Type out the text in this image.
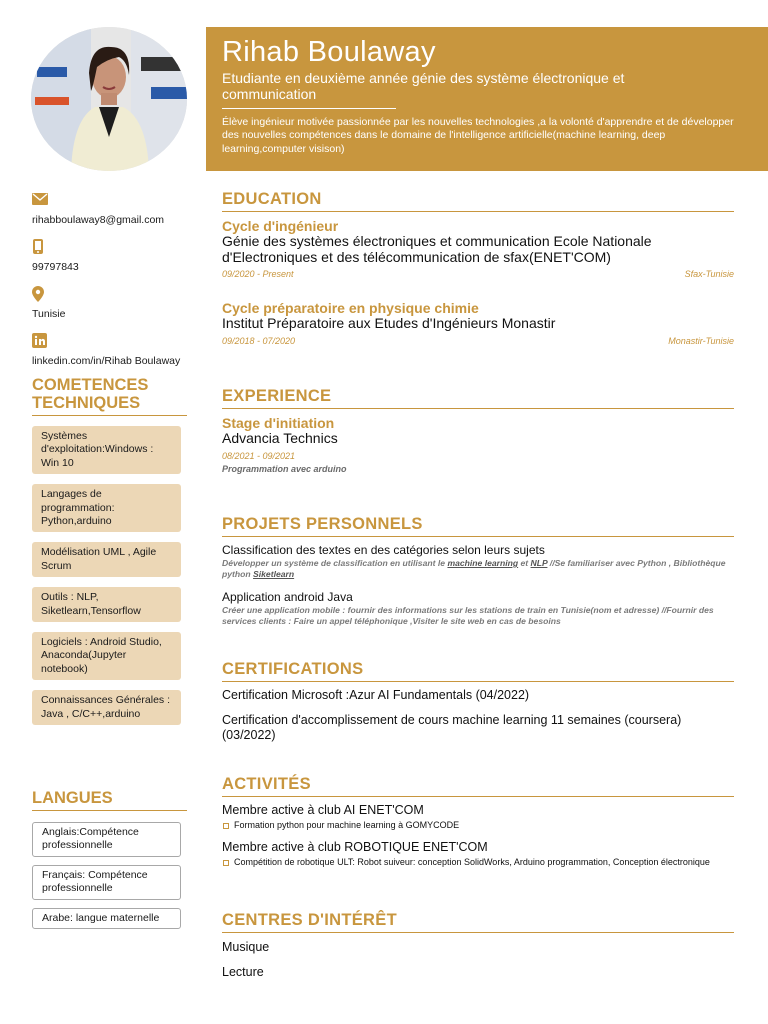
rihabboulaway8@gmail.com
99797843
Tunisie
linkedin.com/in/Rihab Boulaway
COMETENCES TECHNIQUES
Systèmes d'exploitation:Windows : Win 10
Langages de programmation: Python,arduino
Modélisation UML , Agile Scrum
Outils : NLP, Siketlearn,Tensorflow
Logiciels : Android Studio, Anaconda(Jupyter notebook)
Connaissances Générales : Java , C/C++,arduino
LANGUES
Anglais:Compétence professionnelle
Français: Compétence professionnelle
Arabe: langue maternelle
Rihab Boulaway
Etudiante en deuxième année génie des système électronique et communication
Élève ingénieur motivée passionnée par les nouvelles technologies ,a la volonté d'apprendre et de développer des nouvelles compétences dans le domaine de l'intelligence artificielle(machine learning, deep learning,computer visison)
EDUCATION
Cycle d'ingénieur
Génie des systèmes électroniques et communication Ecole Nationale d'Electroniques et des télécommunication de sfax(ENET'COM)
09/2020 - Present	Sfax-Tunisie
Cycle préparatoire en physique chimie
Institut Préparatoire aux Etudes d'Ingénieurs Monastir
09/2018 - 07/2020	Monastir-Tunisie
EXPERIENCE
Stage d'initiation
Advancia Technics
08/2021 - 09/2021
Programmation avec arduino
PROJETS PERSONNELS
Classification des textes en des catégories selon leurs sujets
Développer un système de classification en utilisant le machine learning et NLP //Se familiariser avec Python , Bibliothèque python Siketlearn
Application android Java
Créer une application mobile : fournir des informations sur les stations de train en Tunisie(nom et adresse) //Fournir des services clients : Faire un appel téléphonique ,Visiter le site web en cas de besoins
CERTIFICATIONS
Certification Microsoft :Azur AI Fundamentals (04/2022)
Certification d'accomplissement de cours machine learning 11 semaines (coursera) (03/2022)
ACTIVITÉS
Membre active à club AI ENET'COM
Formation python pour machine learning à GOMYCODE
Membre active à club ROBOTIQUE ENET'COM
Compétition de robotique ULT: Robot suiveur: conception SolidWorks, Arduino programmation, Conception électronique
CENTRES D'INTÉRÊT
Musique
Lecture
